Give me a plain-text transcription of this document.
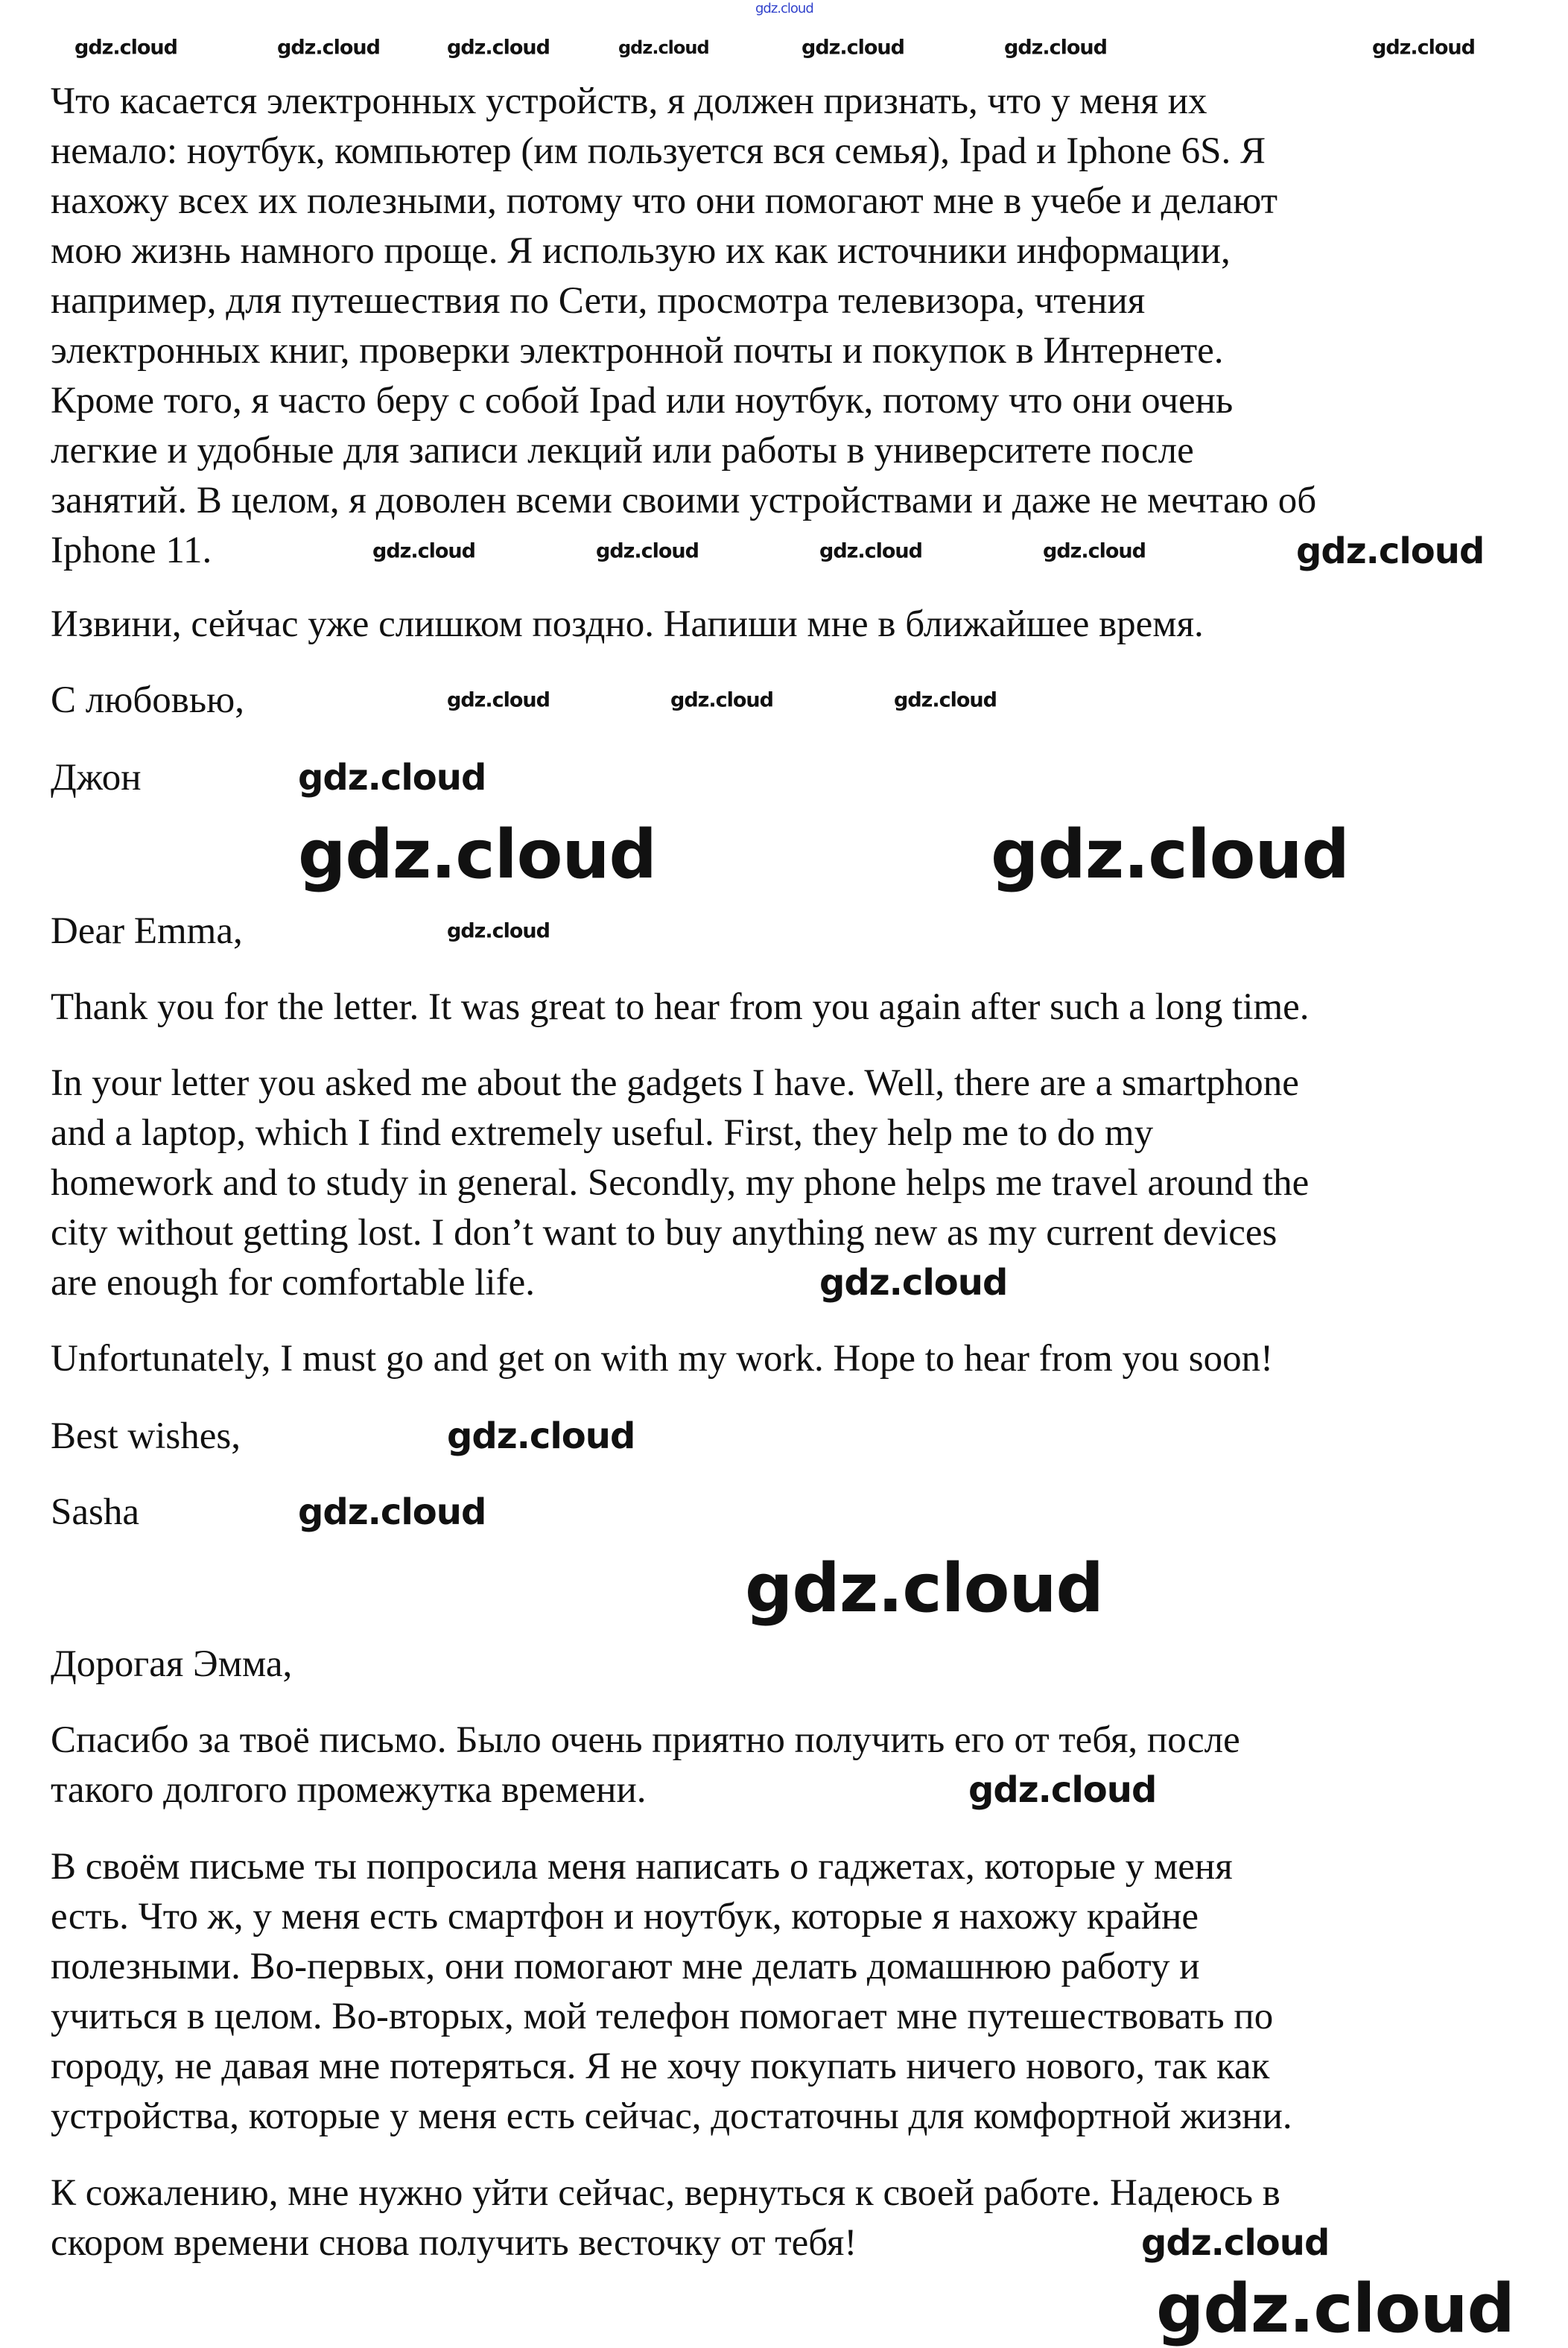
Что касается электронных устройств, я должен признать, что у меня их
немало: ноутбук, компьютер (им пользуется вся семья), Ipad и Iphone 6S. Я
нахожу всех их полезными, потому что они помогают мне в учебе и делают
мою жизнь намного проще. Я использую их как источники информации,
например, для путешествия по Сети, просмотра телевизора, чтения
электронных книг, проверки электронной почты и покупок в Интернете.
Кроме того, я часто беру с собой Ipad или ноутбук, потому что они очень
легкие и удобные для записи лекций или работы в университете после
занятий. В целом, я доволен всеми своими устройствами и даже не мечтаю об
Iphone 11.

Извини, сейчас уже слишком поздно. Напиши мне в ближайшее время.

С любовью,

Джон

Dear Emma,

Thank you for the letter. It was great to hear from you again after such a long time.

In your letter you asked me about the gadgets I have. Well, there are a smartphone
and a laptop, which I find extremely useful. First, they help me to do my
homework and to study in general. Secondly, my phone helps me travel around the
city without getting lost. I don’t want to buy anything new as my current devices
are enough for comfortable life.

Unfortunately, I must go and get on with my work. Hope to hear from you soon!

Best wishes,

Sasha

Дорогая Эмма,

Спасибо за твоё письмо. Было очень приятно получить его от тебя, после
такого долгого промежутка времени.
В своём письме ты попросила меня написать о гаджетах, которые у меня
есть. Что ж, у меня есть смартфон и ноутбук, которые я нахожу крайне
полезными. Во-первых, они помогают мне делать домашнюю работу и
учиться в целом. Во-вторых, мой телефон помогает мне путешествовать по
городу, не давая мне потеряться. Я не хочу покупать ничего нового, так как
устройства, которые у меня есть сейчас, достаточны для комфортной жизни.
К сожалению, мне нужно уйти сейчас, вернуться к своей работе. Надеюсь в
скором времени снова получить весточку от тебя!
gdz.cloud
gdz.cloud	gdz.cloud	gdz.cloud	gdz.cloud	gdz.cloud	gdz.cloud	gdz.cloud
gdz.cloud	gdz.cloud	gdz.cloud	gdz.cloud	gdz.cloud
gdz.cloud	gdz.cloud	gdz.cloud
gdz.cloud
gdz.cloud	gdz.cloud
gdz.cloud
gdz.cloud
gdz.cloud
gdz.cloud
gdz.cloud
gdz.cloud
gdz.cloud
gdz.cloud
